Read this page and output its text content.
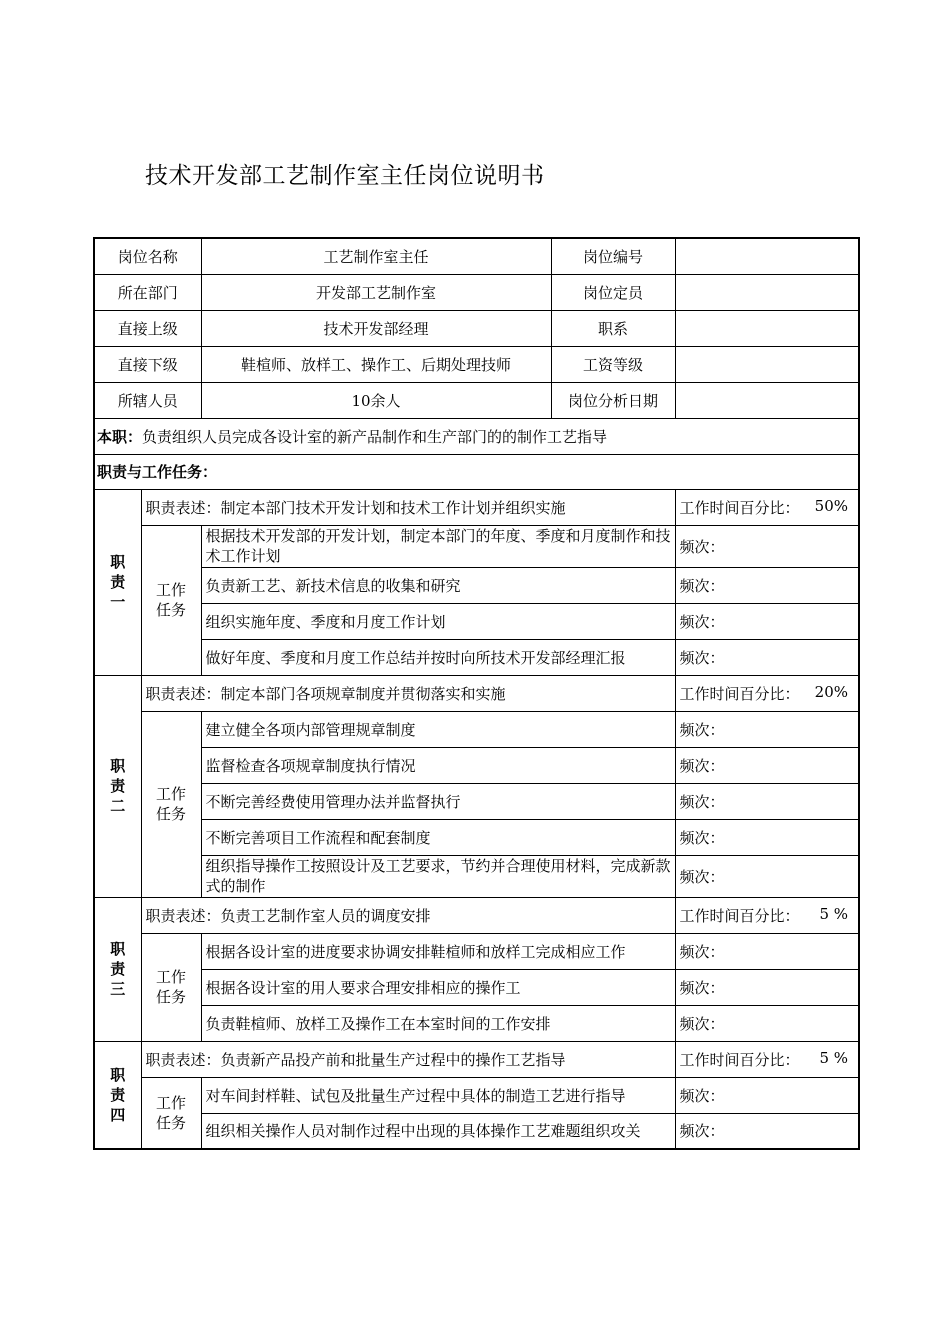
技术开发部工艺制作室主任岗位说明书
岗位名称		工艺制作室主任	岗位编号	
所在部门		开发部工艺制作室	岗位定员	
直接上级		技术开发部经理	职系	
直接下级		鞋楦师、放样工、操作工、后期处理技师	工资等级	
所辖人员		10余人	岗位分析日期	
本职：负责组织人员完成各设计室的新产品制作和生产部门的的制作工艺指导				
职责与工作任务：				

职责一	职责表述：制定本部门技术开发计划和技术工作计划并组织实施			工作时间百分比： 50%

	工作任务	根据技术开发部的开发计划，制定本部门的年度、季度和月度制作和技术工作计划		频次：
		负责新工艺、新技术信息的收集和研究		频次：
		组织实施年度、季度和月度工作计划		频次：
		做好年度、季度和月度工作总结并按时向所技术开发部经理汇报		频次：

职责二	职责表述：制定本部门各项规章制度并贯彻落实和实施			工作时间百分比： 20%

	工作任务	建立健全各项内部管理规章制度		频次：
		监督检查各项规章制度执行情况		频次：
		不断完善经费使用管理办法并监督执行		频次：
		不断完善项目工作流程和配套制度		频次：
		组织指导操作工按照设计及工艺要求，节约并合理使用材料，完成新款式的制作		频次：

职责三	职责表述：负责工艺制作室人员的调度安排			工作时间百分比： 5 %

	工作任务	根据各设计室的进度要求协调安排鞋楦师和放样工完成相应工作		频次：
		根据各设计室的用人要求合理安排相应的操作工		频次：
		负责鞋楦师、放样工及操作工在本室时间的工作安排		频次：

职责四	职责表述：负责新产品投产前和批量生产过程中的操作工艺指导			工作时间百分比： 5 %

	工作任务	对车间封样鞋、试包及批量生产过程中具体的制造工艺进行指导		频次：
		组织相关操作人员对制作过程中出现的具体操作工艺难题组织攻关		频次：
